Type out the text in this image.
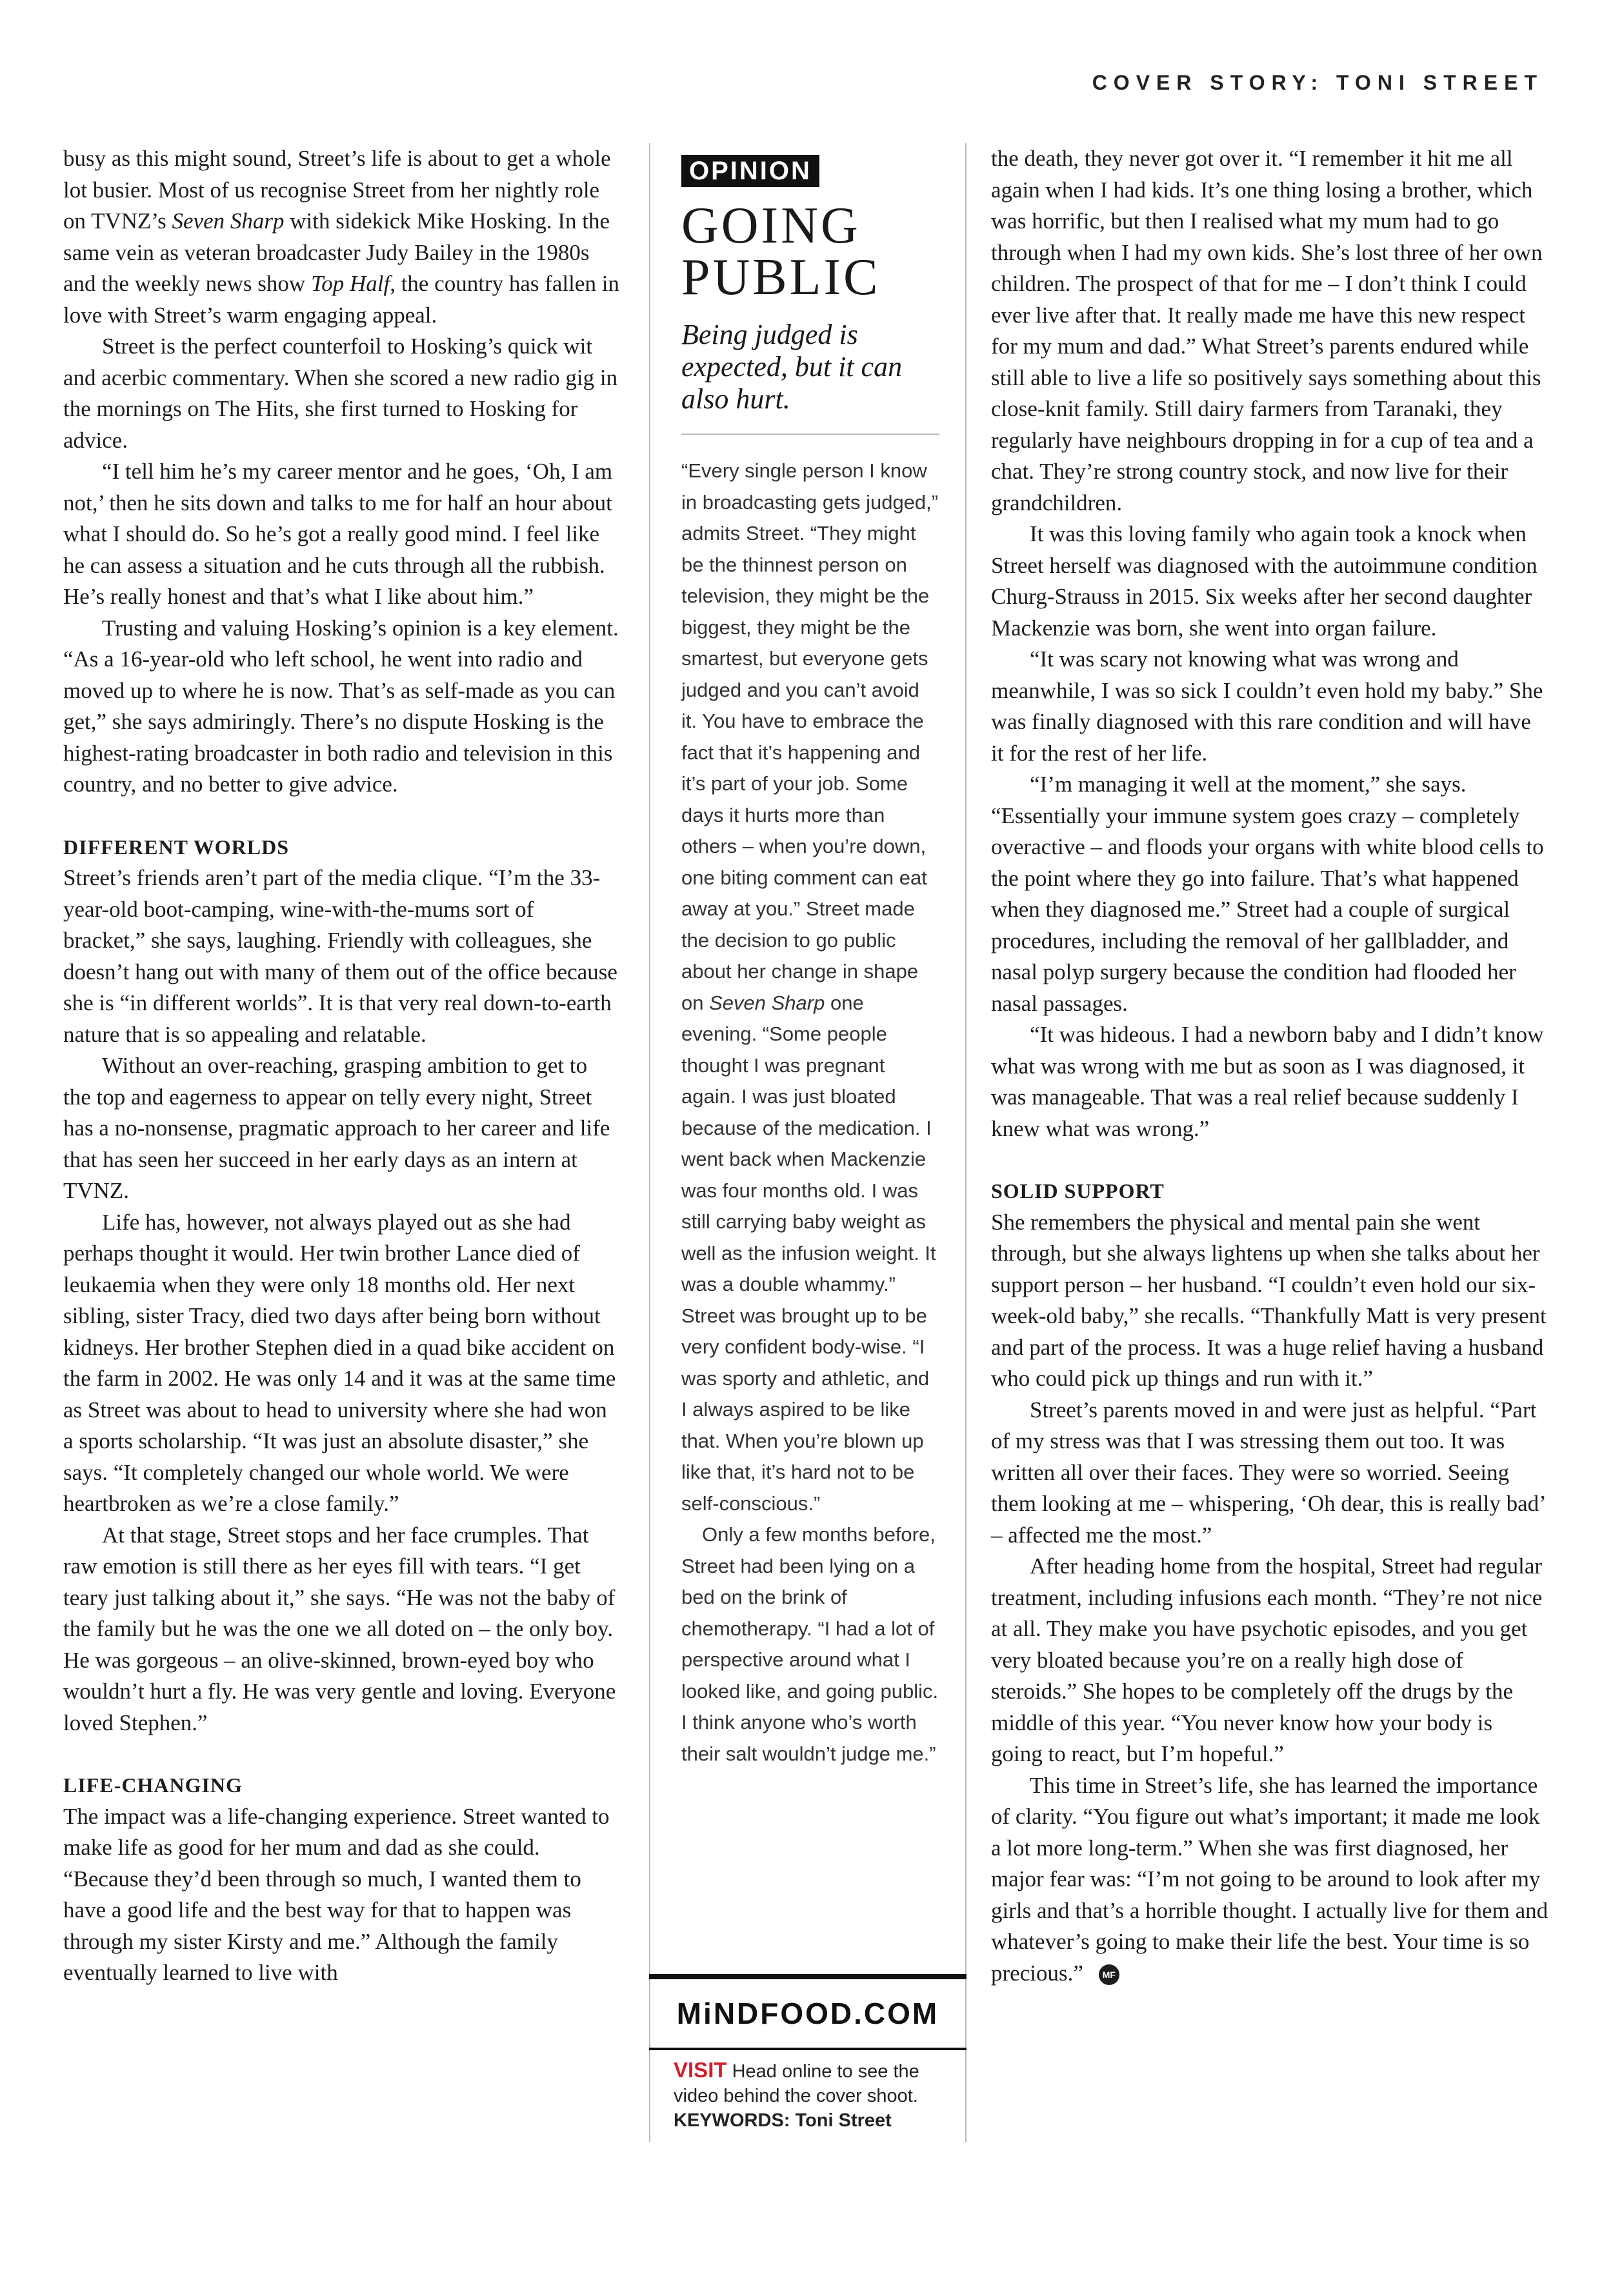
COVER STORY: TONI STREET

busy as this might sound, Street’s life is about to get a whole lot busier. Most of us recognise Street from her nightly role on TVNZ’s Seven Sharp with sidekick Mike Hosking. In the same vein as veteran broadcaster Judy Bailey in the 1980s and the weekly news show Top Half, the country has fallen in love with Street’s warm engaging appeal.

Street is the perfect counterfoil to Hosking’s quick wit and acerbic commentary. When she scored a new radio gig in the mornings on The Hits, she first turned to Hosking for advice.

“I tell him he’s my career mentor and he goes, ‘Oh, I am not,’ then he sits down and talks to me for half an hour about what I should do. So he’s got a really good mind. I feel like he can assess a situation and he cuts through all the rubbish. He’s really honest and that’s what I like about him.”

Trusting and valuing Hosking’s opinion is a key element. “As a 16-year-old who left school, he went into radio and moved up to where he is now. That’s as self-made as you can get,” she says admiringly. There’s no dispute Hosking is the highest-rating broadcaster in both radio and television in this country, and no better to give advice.

DIFFERENT WORLDS

Street’s friends aren’t part of the media clique. “I’m the 33-year-old boot-camping, wine-with-the-mums sort of bracket,” she says, laughing. Friendly with colleagues, she doesn’t hang out with many of them out of the office because she is “in different worlds”. It is that very real down-to-earth nature that is so appealing and relatable.

Without an over-reaching, grasping ambition to get to the top and eagerness to appear on telly every night, Street has a no-nonsense, pragmatic approach to her career and life that has seen her succeed in her early days as an intern at TVNZ.

Life has, however, not always played out as she had perhaps thought it would. Her twin brother Lance died of leukaemia when they were only 18 months old. Her next sibling, sister Tracy, died two days after being born without kidneys. Her brother Stephen died in a quad bike accident on the farm in 2002. He was only 14 and it was at the same time as Street was about to head to university where she had won a sports scholarship. “It was just an absolute disaster,” she says. “It completely changed our whole world. We were heartbroken as we’re a close family.”

At that stage, Street stops and her face crumples. That raw emotion is still there as her eyes fill with tears. “I get teary just talking about it,” she says. “He was not the baby of the family but he was the one we all doted on – the only boy. He was gorgeous – an olive-skinned, brown-eyed boy who wouldn’t hurt a fly. He was very gentle and loving. Everyone loved Stephen.”

LIFE-CHANGING

The impact was a life-changing experience. Street wanted to make life as good for her mum and dad as she could. “Because they’d been through so much, I wanted them to have a good life and the best way for that to happen was through my sister Kirsty and me.” Although the family eventually learned to live with

OPINION
GOING
PUBLIC

Being judged is expected, but it can also hurt.

“Every single person I know in broadcasting gets judged,” admits Street. “They might be the thinnest person on television, they might be the biggest, they might be the smartest, but everyone gets judged and you can’t avoid it. You have to embrace the fact that it’s happening and it’s part of your job. Some days it hurts more than others – when you’re down, one biting comment can eat away at you.” Street made the decision to go public about her change in shape on Seven Sharp one evening. “Some people thought I was pregnant again. I was just bloated because of the medication. I went back when Mackenzie was four months old. I was still carrying baby weight as well as the infusion weight. It was a double whammy.” Street was brought up to be very confident body-wise. “I was sporty and athletic, and I always aspired to be like that. When you’re blown up like that, it’s hard not to be self-conscious.”

Only a few months before, Street had been lying on a bed on the brink of chemotherapy. “I had a lot of perspective around what I looked like, and going public. I think anyone who’s worth their salt wouldn’t judge me.”

MiNDFOOD.COM
VISIT Head online to see the video behind the cover shoot.
KEYWORDS: Toni Street

the death, they never got over it. “I remember it hit me all again when I had kids. It’s one thing losing a brother, which was horrific, but then I realised what my mum had to go through when I had my own kids. She’s lost three of her own children. The prospect of that for me – I don’t think I could ever live after that. It really made me have this new respect for my mum and dad.” What Street’s parents endured while still able to live a life so positively says something about this close-knit family. Still dairy farmers from Taranaki, they regularly have neighbours dropping in for a cup of tea and a chat. They’re strong country stock, and now live for their grandchildren.

It was this loving family who again took a knock when Street herself was diagnosed with the autoimmune condition Churg-Strauss in 2015. Six weeks after her second daughter Mackenzie was born, she went into organ failure.

“It was scary not knowing what was wrong and meanwhile, I was so sick I couldn’t even hold my baby.” She was finally diagnosed with this rare condition and will have it for the rest of her life.

“I’m managing it well at the moment,” she says. “Essentially your immune system goes crazy – completely overactive – and floods your organs with white blood cells to the point where they go into failure. That’s what happened when they diagnosed me.” Street had a couple of surgical procedures, including the removal of her gallbladder, and nasal polyp surgery because the condition had flooded her nasal passages.

“It was hideous. I had a newborn baby and I didn’t know what was wrong with me but as soon as I was diagnosed, it was manageable. That was a real relief because suddenly I knew what was wrong.”

SOLID SUPPORT

She remembers the physical and mental pain she went through, but she always lightens up when she talks about her support person – her husband. “I couldn’t even hold our six-week-old baby,” she recalls. “Thankfully Matt is very present and part of the process. It was a huge relief having a husband who could pick up things and run with it.”

Street’s parents moved in and were just as helpful. “Part of my stress was that I was stressing them out too. It was written all over their faces. They were so worried. Seeing them looking at me – whispering, ‘Oh dear, this is really bad’ – affected me the most.”

After heading home from the hospital, Street had regular treatment, including infusions each month. “They’re not nice at all. They make you have psychotic episodes, and you get very bloated because you’re on a really high dose of steroids.” She hopes to be completely off the drugs by the middle of this year. “You never know how your body is going to react, but I’m hopeful.”

This time in Street’s life, she has learned the importance of clarity. “You figure out what’s important; it made me look a lot more long-term.” When she was first diagnosed, her major fear was: “I’m not going to be around to look after my girls and that’s a horrible thought. I actually live for them and whatever’s going to make their life the best. Your time is so precious.” MF
